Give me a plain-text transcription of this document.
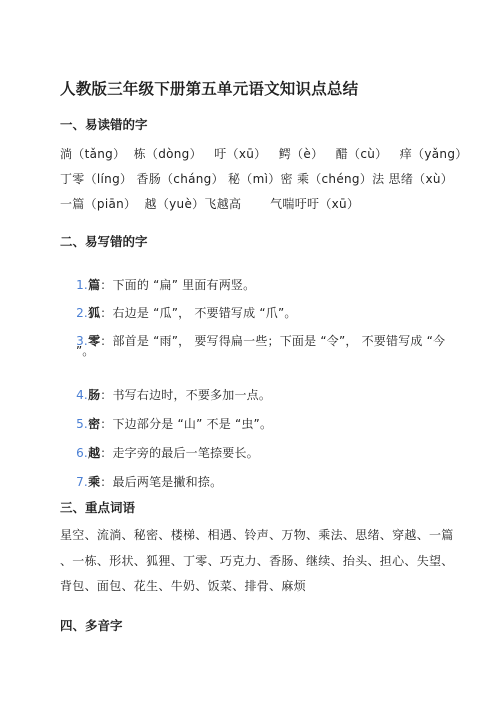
人教版三年级下册第五单元语文知识点总结
一、易读错的字
淌（tǎng）  栋（dòng）   吁（xū）   鳄（è）   醋（cù）   痒（yǎng）
丁零（líng） 香肠（cháng） 秘（mì）密 乘（chéng）法 思绪（xù）
一篇（piān）  越（yuè）飞越高       气喘吁吁（xū）
二、易写错的字

1.篇：下面的 “扁” 里面有两竖。

2.狐：右边是 “瓜”， 不要错写成 “爪”。

3.零：部首是 “雨”， 要写得扁一些；下面是 “令”， 不要错写成 “今

”。

4.肠：书写右边时，不要多加一点。

5.密：下边部分是 “山” 不是 “虫”。

6.越：走字旁的最后一笔捺要长。

7.乘：最后两笔是撇和捺。

三、重点词语
星空、流淌、秘密、楼梯、相遇、铃声、万物、乘法、思绪、穿越、一篇
、一栋、形状、狐狸、丁零、巧克力、香肠、继续、抬头、担心、失望、
背包、面包、花生、牛奶、饭菜、排骨、麻烦
四、多音字
